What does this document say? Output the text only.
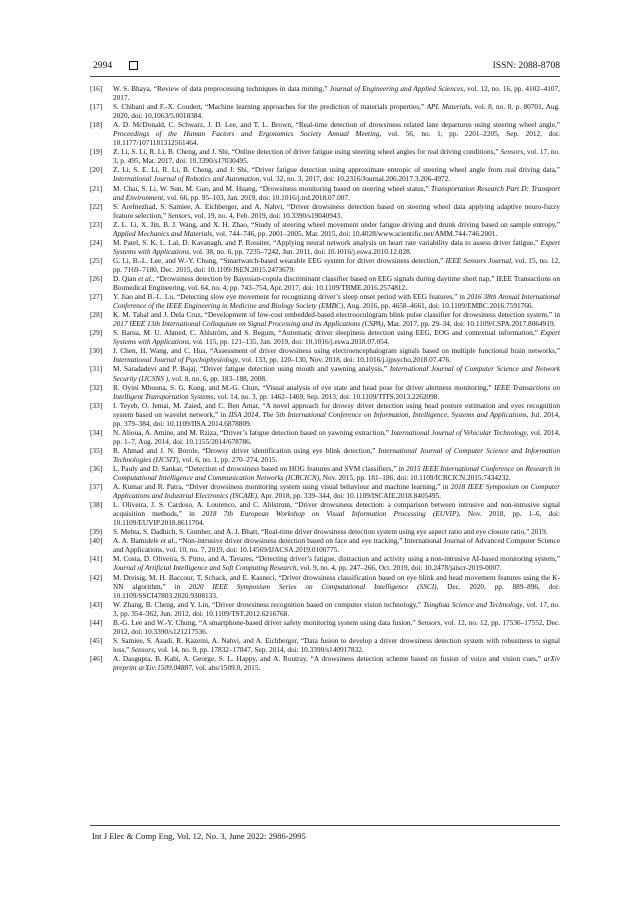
2994	ISSN: 2088-8708
[16] W. S. Bhaya, “Review of data preprocessing techniques in data mining,” Journal of Engineering and Applied Sciences, vol. 12, no. 16, pp. 4102–4107, 2017.
[17] S. Chibani and F.-X. Coudert, “Machine learning approaches for the prediction of materials properties,” APL Materials, vol. 8, no. 8, p. 80701, Aug. 2020, doi: 10.1063/5.0018384.
[18] A. D. McDonald, C. Schwarz, J. D. Lee, and T. L. Brown, “Real-time detection of drowsiness related lane departures using steering wheel angle,” Proceedings of the Human Factors and Ergonomics Society Annual Meeting, vol. 56, no. 1, pp. 2201–2205, Sep. 2012, doi: 10.1177/1071181312561464.
[19] Z. Li, S. Li, R. Li, B. Cheng, and J. Shi, “Online detection of driver fatigue using steering wheel angles for real driving conditions,” Sensors, vol. 17, no. 3, p. 495, Mar. 2017, doi: 10.3390/s17030495.
[20] Z. Li, S. E. Li, R. Li, B. Cheng, and J. Shi, “Driver fatigue detection using approximate entropic of steering wheel angle from real driving data,” International Journal of Robotics and Automation, vol. 32, no. 3, 2017, doi: 10.2316/Journal.206.2017.3.206-4972.
[21] M. Chai, S. Li, W. Sun, M. Guo, and M. Huang, “Drowsiness monitoring based on steering wheel status,” Transportation Research Part D: Transport and Environment, vol. 66, pp. 95–103, Jan. 2019, doi: 10.1016/j.trd.2018.07.007.
[22] S. Arefnezhad, S. Samiee, A. Eichberger, and A. Nahvi, “Driver drowsiness detection based on steering wheel data applying adaptive neuro-fuzzy feature selection,” Sensors, vol. 19, no. 4, Feb. 2019, doi: 10.3390/s19040943.
[23] Z. L. Li, X. Jin, B. J. Wang, and X. H. Zhao, “Study of steering wheel movement under fatigue driving and drunk driving based on sample entropy,” Applied Mechanics and Materials, vol. 744–746, pp. 2001–2005, Mar. 2015, doi: 10.4028/www.scientific.net/AMM.744-746.2001.
[24] M. Patel, S. K. L. Lal, D. Kavanagh, and P. Rossiter, “Applying neural network analysis on heart rate variability data to assess driver fatigue,” Expert Systems with Applications, vol. 38, no. 6, pp. 7235–7242, Jun. 2011, doi: 10.1016/j.eswa.2010.12.028.
[25] G. Li, B.-L. Lee, and W.-Y. Chung, “Smartwatch-based wearable EEG system for driver drowsiness detection,” IEEE Sensors Journal, vol. 15, no. 12, pp. 7169–7180, Dec. 2015, doi: 10.1109/JSEN.2015.2473679.
[26] D. Qian et al., “Drowsiness detection by Bayesian-copula discriminant classifier based on EEG signals during daytime short nap,” IEEE Transactions on Biomedical Engineering, vol. 64, no. 4, pp. 743–754, Apr. 2017, doi: 10.1109/TBME.2016.2574812.
[27] Y. Jiao and B.-L. Lu, “Detecting slow eye movement for recognizing driver’s sleep onset period with EEG features,” in 2016 38th Annual International Conference of the IEEE Engineering in Medicine and Biology Society (EMBC), Aug. 2016, pp. 4658–4661, doi: 10.1109/EMBC.2016.7591766.
[28] K. M. Tabal and J. Dela Cruz, “Development of low-cost embedded-based electrooculogram blink pulse classifier for drowsiness detection system,” in 2017 IEEE 13th International Colloquium on Signal Processing and its Applications (CSPA), Mar. 2017, pp. 29–34, doi: 10.1109/CSPA.2017.8064919.
[29] S. Barua, M. U. Ahmed, C. Ahlström, and S. Begum, “Automatic driver sleepiness detection using EEG, EOG and contextual information,” Expert Systems with Applications, vol. 115, pp. 121–135, Jan. 2019, doi: 10.1016/j.eswa.2018.07.054.
[30] J. Chen, H. Wang, and C. Hua, “Assessment of driver drowsiness using electroencephalogram signals based on multiple functional brain networks,” International Journal of Psychophysiology, vol. 133, pp. 120–130, Nov. 2018, doi: 10.1016/j.ijpsycho.2018.07.476.
[31] M. Saradadevi and P. Bajaj, “Driver fatigue detection using mouth and yawning analysis,” International Journal of Computer Science and Network Security (IJCSNS ), vol. 8, no. 6, pp. 183–188, 2008.
[32] R. Oyini Mbouna, S. G. Kong, and M.-G. Chun, “Visual analysis of eye state and head pose for driver alertness monitoring,” IEEE Transactions on Intelligent Transportation Systems, vol. 14, no. 3, pp. 1462–1469, Sep. 2013, doi: 10.1109/TITS.2013.2262098.
[33] I. Teyeb, O. Jemai, M. Zaied, and C. Ben Amar, “A novel approach for drowsy driver detection using head posture estimation and eyes recognition system based on wavelet network,” in IISA 2014, The 5th International Conference on Information, Intelligence, Systems and Applications, Jul. 2014, pp. 379–384, doi: 10.1109/IISA.2014.6878809.
[34] N. Alioua, A. Amine, and M. Rziza, “Driver’s fatigue detection based on yawning extraction,” International Journal of Vehicular Technology, vol. 2014, pp. 1–7, Aug. 2014, doi: 10.1155/2014/678786.
[35] R. Ahmad and J. N. Borole, “Drowsy driver identification using eye blink detection,” International Journal of Computer Science and Information Technologies (IJCSIT), vol. 6, no. 1, pp. 270–274, 2015.
[36] L. Pauly and D. Sankar, “Detection of drowsiness based on HOG features and SVM classifiers,” in 2015 IEEE International Conference on Research in Computational Intelligence and Communication Networks (ICRCICN), Nov. 2015, pp. 181–186, doi: 10.1109/ICRCICN.2015.7434232.
[37] A. Kumar and R. Patra, “Driver drowsiness monitoring system using visual behaviour and machine learning,” in 2018 IEEE Symposium on Computer Applications and Industrial Electronics (ISCAIE), Apr. 2018, pp. 339–344, doi: 10.1109/ISCAIE.2018.8405495.
[38] L. Oliveira, J. S. Cardoso, A. Lourenco, and C. Ahlstrom, “Driver drowsiness detection: a comparison between intrusive and non-intrusive signal acquisition methods,” in 2018 7th European Workshop on Visual Information Processing (EUVIP), Nov. 2018, pp. 1–6, doi: 10.1109/EUVIP.2018.8611704.
[39] S. Mehta, S. Dadhich, S. Gumber, and A. J. Bhatt, “Real-time driver drowsiness detection system using eye aspect ratio and eye closure ratio,” 2019.
[40] A. A. Bamidele et al., “Non-intrusive driver drowsiness detection based on face and eye tracking,” International Journal of Advanced Computer Science and Applications, vol. 10, no. 7, 2019, doi: 10.14569/IJACSA.2019.0100775.
[41] M. Costa, D. Oliveira, S. Pinto, and A. Tavares, “Detecting driver’s fatigue, distraction and activity using a non-intrusive AI-based monitoring system,” Journal of Artificial Intelligence and Soft Computing Research, vol. 9, no. 4, pp. 247–266, Oct. 2019, doi: 10.2478/jaiscr-2019-0007.
[42] M. Dreisig, M. H. Baccour, T. Schack, and E. Kasneci, “Driver drowsiness classification based on eye blink and head movement features using the K-NN algorithm,” in 2020 IEEE Symposium Series on Computational Intelligence (SSCI), Dec. 2020, pp. 889–896, doi: 10.1109/SSCI47803.2020.9308133.
[43] W. Zhang, B. Cheng, and Y. Lin, “Driver drowsiness recognition based on computer vision technology,” Tsinghua Science and Technology, vol. 17, no. 3, pp. 354–362, Jun. 2012, doi: 10.1109/TST.2012.6216768.
[44] B.-G. Lee and W.-Y. Chung, “A smartphone-based driver safety monitoring system using data fusion,” Sensors, vol. 12, no. 12, pp. 17536–17552, Dec. 2012, doi: 10.3390/s121217536.
[45] S. Samiee, S. Azadi, R. Kazemi, A. Nahvi, and A. Eichberger, “Data fusion to develop a driver drowsiness detection system with robustness to signal loss,” Sensors, vol. 14, no. 9, pp. 17832–17847, Sep. 2014, doi: 10.3390/s140917832.
[46] A. Dasgupta, B. Kabi, A. George, S. L. Happy, and A. Routray, “A drowsiness detection scheme based on fusion of voice and vision cues,” arXiv preprint arXiv:1509.04887, vol. abs/1509.0, 2015.
Int J Elec & Comp Eng, Vol. 12, No. 3, June 2022: 2986-2995
